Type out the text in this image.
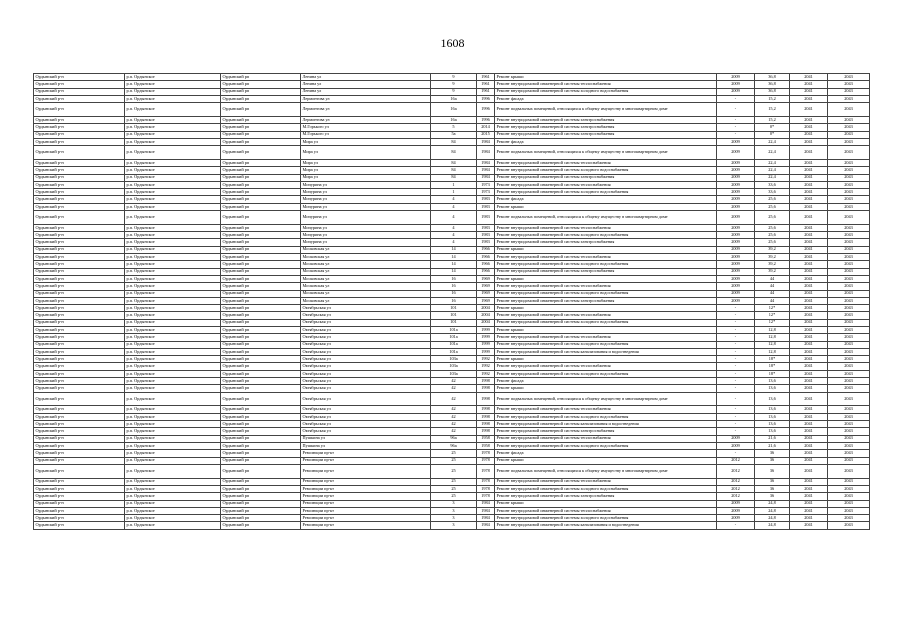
1608
Ордынский р-н	р.п. Ордынское	Ордынский рп	Ленина ул	9	1961	Ремонт крыши	2009	36,8	2041	2043
Ордынский р-н	р.п. Ордынское	Ордынский рп	Ленина ул	9	1961	Ремонт внутридомовой инженерной системы теплоснабжения	2009	36,8	2041	2043
Ордынский р-н	р.п. Ордынское	Ордынский рп	Ленина ул	9	1961	Ремонт внутридомовой инженерной системы холодного водоснабжения	2009	36,8	2041	2043
Ордынский р-н	р.п. Ордынское	Ордынский рп	Лермонтова ул	16а	1996	Ремонт фасада	-	15,2	2041	2043
Ордынский р-н	р.п. Ордынское	Ордынский рп	Лермонтова ул	16а	1996	Ремонт подвальных помещений, относящихся к общему имуществу в многоквартирном доме	-	15,2	2041	2043
Ордынский р-н	р.п. Ордынское	Ордынский рп	Лермонтова ул	16а	1996	Ремонт внутридомовой инженерной системы электроснабжения	-	15,2	2041	2043
Ордынский р-н	р.п. Ордынское	Ордынский рп	М.Горького ул	5	2014	Ремонт внутридомовой инженерной системы электроснабжения	-	0*	2041	2043
Ордынский р-н	р.п. Ордынское	Ордынский рп	М.Горького ул	5а	2015	Ремонт внутридомовой инженерной системы электроснабжения	-	0*	2041	2043
Ордынский р-н	р.п. Ордынское	Ордынский рп	Мира ул	84	1984	Ремонт фасада	2009	22,4	2041	2043
Ордынский р-н	р.п. Ордынское	Ордынский рп	Мира ул	84	1984	Ремонт подвальных помещений, относящихся к общему имуществу в многоквартирном доме	2009	22,4	2041	2043
Ордынский р-н	р.п. Ордынское	Ордынский рп	Мира ул	84	1984	Ремонт внутридомовой инженерной системы теплоснабжения	2009	22,4	2041	2043
Ордынский р-н	р.п. Ордынское	Ордынский рп	Мира ул	84	1984	Ремонт внутридомовой инженерной системы холодного водоснабжения	2009	22,4	2041	2043
Ордынский р-н	р.п. Ордынское	Ордынский рп	Мира ул	84	1984	Ремонт внутридомовой инженерной системы электроснабжения	2009	22,4	2041	2043
Ордынский р-н	р.п. Ордынское	Ордынский рп	Мичурина ул	1	1973	Ремонт внутридомовой инженерной системы теплоснабжения	2009	33,6	2041	2043
Ордынский р-н	р.п. Ордынское	Ордынский рп	Мичурина ул	1	1973	Ремонт внутридомовой инженерной системы холодного водоснабжения	2009	33,6	2041	2043
Ордынский р-н	р.п. Ордынское	Ордынский рп	Мичурина ул	4	1983	Ремонт фасада	2009	25,6	2041	2043
Ордынский р-н	р.п. Ордынское	Ордынский рп	Мичурина ул	4	1983	Ремонт крыши	2009	25,6	2041	2043
Ордынский р-н	р.п. Ордынское	Ордынский рп	Мичурина ул	4	1983	Ремонт подвальных помещений, относящихся к общему имуществу в многоквартирном доме	2009	25,6	2041	2043
Ордынский р-н	р.п. Ордынское	Ордынский рп	Мичурина ул	4	1983	Ремонт внутридомовой инженерной системы теплоснабжения	2009	25,6	2041	2043
Ордынский р-н	р.п. Ордынское	Ордынский рп	Мичурина ул	4	1983	Ремонт внутридомовой инженерной системы холодного водоснабжения	2009	25,6	2041	2043
Ордынский р-н	р.п. Ордынское	Ордынский рп	Мичурина ул	4	1983	Ремонт внутридомовой инженерной системы электроснабжения	2009	25,6	2041	2043
Ордынский р-н	р.п. Ордынское	Ордынский рп	Московская ул	14	1966	Ремонт крыши	2009	39,2	2041	2043
Ордынский р-н	р.п. Ордынское	Ордынский рп	Московская ул	14	1966	Ремонт внутридомовой инженерной системы теплоснабжения	2009	39,2	2041	2043
Ордынский р-н	р.п. Ордынское	Ордынский рп	Московская ул	14	1966	Ремонт внутридомовой инженерной системы холодного водоснабжения	2009	39,2	2041	2043
Ордынский р-н	р.п. Ордынское	Ордынский рп	Московская ул	14	1966	Ремонт внутридомовой инженерной системы электроснабжения	2009	39,2	2041	2043
Ордынский р-н	р.п. Ордынское	Ордынский рп	Московская ул	16	1969	Ремонт крыши	2009	44	2041	2043
Ордынский р-н	р.п. Ордынское	Ордынский рп	Московская ул	16	1969	Ремонт внутридомовой инженерной системы теплоснабжения	2009	44	2041	2043
Ордынский р-н	р.п. Ордынское	Ордынский рп	Московская ул	16	1969	Ремонт внутридомовой инженерной системы холодного водоснабжения	2009	44	2041	2043
Ордынский р-н	р.п. Ордынское	Ордынский рп	Московская ул	16	1969	Ремонт внутридомовой инженерной системы электроснабжения	2009	44	2041	2043
Ордынский р-н	р.п. Ордынское	Ордынский рп	Октябрьская ул	101	2004	Ремонт крыши	-	12*	2041	2043
Ордынский р-н	р.п. Ордынское	Ордынский рп	Октябрьская ул	101	2004	Ремонт внутридомовой инженерной системы теплоснабжения	-	12*	2041	2043
Ордынский р-н	р.п. Ордынское	Ордынский рп	Октябрьская ул	101	2004	Ремонт внутридомовой инженерной системы холодного водоснабжения	-	12*	2041	2043
Ордынский р-н	р.п. Ордынское	Ордынский рп	Октябрьская ул	101а	1999	Ремонт крыши	-	12,8	2041	2043
Ордынский р-н	р.п. Ордынское	Ордынский рп	Октябрьская ул	101а	1999	Ремонт внутридомовой инженерной системы теплоснабжения	-	12,8	2041	2043
Ордынский р-н	р.п. Ордынское	Ордынский рп	Октябрьская ул	101а	1999	Ремонт внутридомовой инженерной системы холодного водоснабжения	-	12,8	2041	2043
Ордынский р-н	р.п. Ордынское	Ордынский рп	Октябрьская ул	101а	1999	Ремонт внутридомовой инженерной системы канализования и водоотведения	-	12,8	2041	2043
Ордынский р-н	р.п. Ордынское	Ордынский рп	Октябрьская ул	103а	1992	Ремонт крыши	-	18*	2041	2043
Ордынский р-н	р.п. Ордынское	Ордынский рп	Октябрьская ул	103а	1992	Ремонт внутридомовой инженерной системы теплоснабжения	-	18*	2041	2043
Ордынский р-н	р.п. Ордынское	Ордынский рп	Октябрьская ул	103а	1992	Ремонт внутридомовой инженерной системы холодного водоснабжения	-	18*	2041	2043
Ордынский р-н	р.п. Ордынское	Ордынский рп	Октябрьская ул	42	1998	Ремонт фасада	-	13,6	2041	2043
Ордынский р-н	р.п. Ордынское	Ордынский рп	Октябрьская ул	42	1998	Ремонт крыши	-	13,6	2041	2043
Ордынский р-н	р.п. Ордынское	Ордынский рп	Октябрьская ул	42	1998	Ремонт подвальных помещений, относящихся к общему имуществу в многоквартирном доме	-	13,6	2041	2043
Ордынский р-н	р.п. Ордынское	Ордынский рп	Октябрьская ул	42	1998	Ремонт внутридомовой инженерной системы теплоснабжения	-	13,6	2041	2043
Ордынский р-н	р.п. Ордынское	Ордынский рп	Октябрьская ул	42	1998	Ремонт внутридомовой инженерной системы холодного водоснабжения	-	13,6	2041	2043
Ордынский р-н	р.п. Ордынское	Ордынский рп	Октябрьская ул	42	1998	Ремонт внутридомовой инженерной системы канализования и водоотведения	-	13,6	2041	2043
Ордынский р-н	р.п. Ордынское	Ордынский рп	Октябрьская ул	42	1998	Ремонт внутридомовой инженерной системы электроснабжения	-	13,6	2041	2043
Ордынский р-н	р.п. Ордынское	Ордынский рп	Пушкина ул	96а	1958	Ремонт внутридомовой инженерной системы теплоснабжения	2009	21,6	2041	2043
Ордынский р-н	р.п. Ордынское	Ордынский рп	Пушкина ул	96а	1958	Ремонт внутридомовой инженерной системы холодного водоснабжения	2009	21,6	2041	2043
Ордынский р-н	р.п. Ордынское	Ордынский рп	Революции пр-кт	25	1978	Ремонт фасада	-	36	2041	2043
Ордынский р-н	р.п. Ордынское	Ордынский рп	Революции пр-кт	25	1978	Ремонт крыши	2012	36	2041	2043
Ордынский р-н	р.п. Ордынское	Ордынский рп	Революции пр-кт	25	1978	Ремонт подвальных помещений, относящихся к общему имуществу в многоквартирном доме	2012	36	2041	2043
Ордынский р-н	р.п. Ордынское	Ордынский рп	Революции пр-кт	25	1978	Ремонт внутридомовой инженерной системы теплоснабжения	2012	36	2041	2043
Ордынский р-н	р.п. Ордынское	Ордынский рп	Революции пр-кт	25	1978	Ремонт внутридомовой инженерной системы холодного водоснабжения	2012	36	2041	2043
Ордынский р-н	р.п. Ордынское	Ордынский рп	Революции пр-кт	25	1978	Ремонт внутридомовой инженерной системы электроснабжения	2012	36	2041	2043
Ордынский р-н	р.п. Ордынское	Ордынский рп	Революции пр-кт	3	1984	Ремонт крыши	2009	24,8	2041	2043
Ордынский р-н	р.п. Ордынское	Ордынский рп	Революции пр-кт	3	1984	Ремонт внутридомовой инженерной системы теплоснабжения	2009	24,8	2041	2043
Ордынский р-н	р.п. Ордынское	Ордынский рп	Революции пр-кт	3	1984	Ремонт внутридомовой инженерной системы холодного водоснабжения	2009	24,8	2041	2043
Ордынский р-н	р.п. Ордынское	Ордынский рп	Революции пр-кт	3	1984	Ремонт внутридомовой инженерной системы канализования и водоотведения	-	24,8	2041	2043
